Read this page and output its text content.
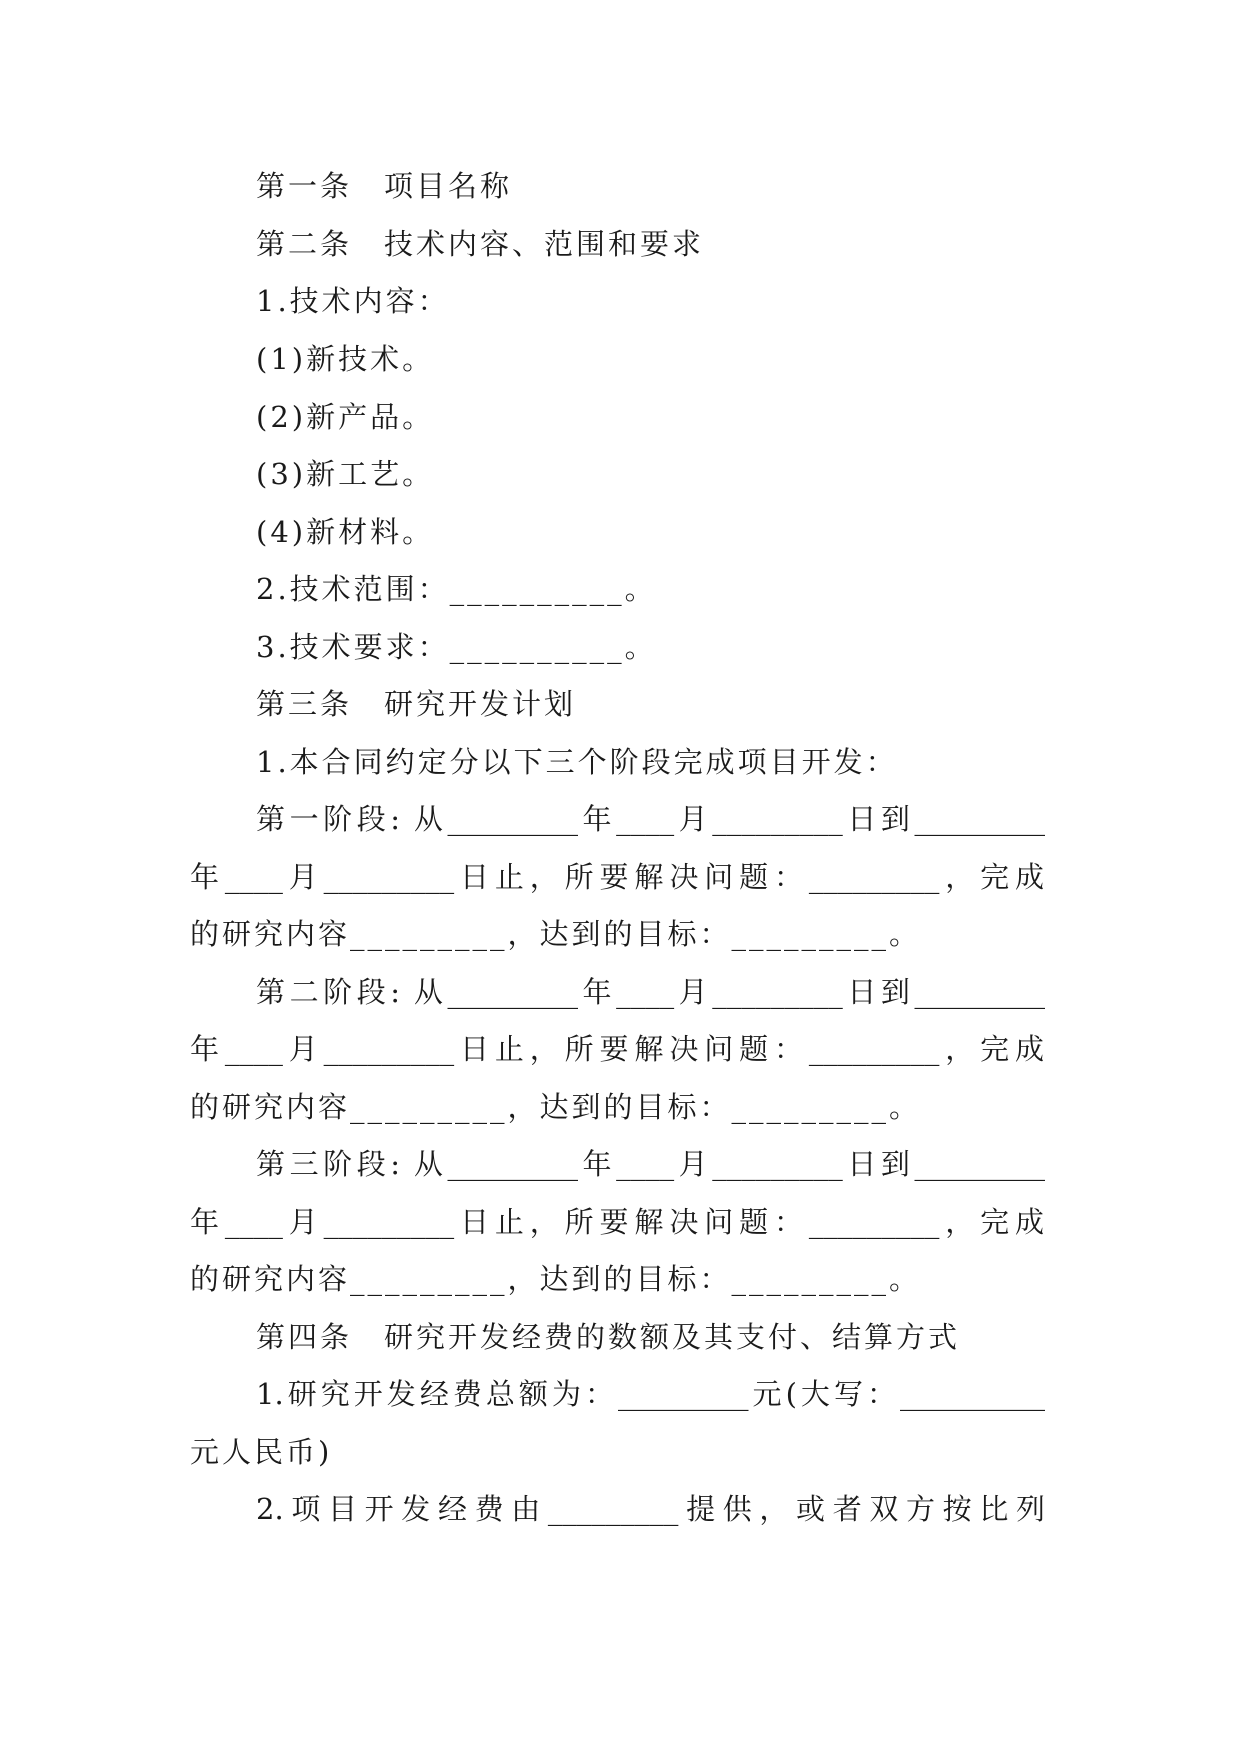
第一条　项目名称
第二条　技术内容、范围和要求
1.技术内容：
(1)新技术。
(2)新产品。
(3)新工艺。
(4)新材料。
2.技术范围：__________。
3.技术要求：__________。
第三条　研究开发计划
1.本合同约定分以下三个阶段完成项目开发：
第一阶段: 从_________年____月_________日到_________
年____月_________日止，所要解决问题：_________，完成
的研究内容_________，达到的目标：_________。
第二阶段: 从_________年____月_________日到_________
年____月_________日止，所要解决问题：_________，完成
的研究内容_________，达到的目标：_________。
第三阶段: 从_________年____月_________日到_________
年____月_________日止，所要解决问题：_________，完成
的研究内容_________，达到的目标：_________。
第四条　研究开发经费的数额及其支付、结算方式
1.研究开发经费总额为：_________元(大写：__________
元人民币)
2.项目开发经费由_________提供，或者双方按比列
